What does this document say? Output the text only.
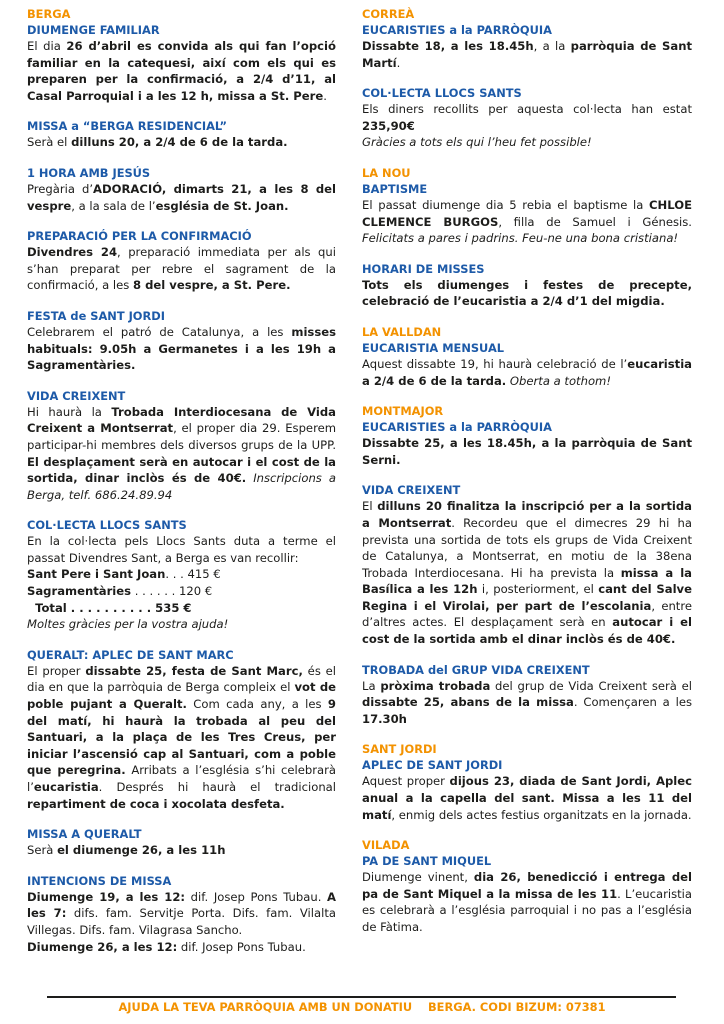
BERGA
DIUMENGE FAMILIAR

El dia 26 d’abril es convida als qui fan l’opció familiar en la catequesi, així com els qui es preparen per la confirmació, a 2/4 d’11, al Casal Parroquial i a les 12 h, missa a St. Pere.

MISSA a “BERGA RESIDENCIAL”

Serà el dilluns 20, a 2/4 de 6 de la tarda.

1 HORA AMB JESÚS

Pregària d’ADORACIÓ, dimarts 21, a les 8 del vespre, a la sala de l’església de St. Joan.

PREPARACIÓ PER LA CONFIRMACIÓ

Divendres 24, preparació immediata per als qui s’han preparat per rebre el sagrament de la confirmació, a les 8 del vespre, a St. Pere.

FESTA de SANT JORDI

Celebrarem el patró de Catalunya, a les misses habituals: 9.05h a Germanetes i a les 19h a Sagramentàries.

VIDA CREIXENT

Hi haurà la Trobada Interdiocesana de Vida Creixent a Montserrat, el proper dia 29. Esperem participar-hi membres dels diversos grups de la UPP. El desplaçament serà en autocar i el cost de la sortida, dinar inclòs és de 40€. Inscripcions a Berga, telf. 686.24.89.94

COL·LECTA LLOCS SANTS

En la col·lecta pels Llocs Sants duta a terme el passat Divendres Sant, a Berga es van recollir:

Sant Pere i Sant Joan. . . 415 €
Sagramentàries . . . . . . 120 €
Total . . . . . . . . . . 535 €

Moltes gràcies per la vostra ajuda!

QUERALT: APLEC DE SANT MARC

El proper dissabte 25, festa de Sant Marc, és el dia en que la parròquia de Berga compleix el vot de poble pujant a Queralt. Com cada any, a les 9 del matí, hi haurà la trobada al peu del Santuari, a la plaça de les Tres Creus, per iniciar l’ascensió cap al Santuari, com a poble que peregrina. Arribats a l’església s’hi celebrarà l’eucaristia. Després hi haurà el tradicional repartiment de coca i xocolata desfeta.

MISSA A QUERALT

Serà el diumenge 26, a les 11h

INTENCIONS DE MISSA

Diumenge 19, a les 12: dif. Josep Pons Tubau. A les 7: difs. fam. Servitje Porta. Difs. fam. Vilalta Villegas. Difs. fam. Vilagrasa Sancho.

Diumenge 26, a les 12: dif. Josep Pons Tubau.

CORREÀ
EUCARISTIES a la PARRÒQUIA

Dissabte 18, a les 18.45h, a la parròquia de Sant Martí.

COL·LECTA LLOCS SANTS

Els diners recollits per aquesta col·lecta han estat 235,90€

Gràcies a tots els qui l’heu fet possible!

LA NOU
BAPTISME

El passat diumenge dia 5 rebia el baptisme la CHLOE CLEMENCE BURGOS, filla de Samuel i Génesis. Felicitats a pares i padrins. Feu-ne una bona cristiana!

HORARI DE MISSES

Tots els diumenges i festes de precepte, celebració de l’eucaristia a 2/4 d’1 del migdia.

LA VALLDAN
EUCARISTIA MENSUAL

Aquest dissabte 19, hi haurà celebració de l’eucaristia a 2/4 de 6 de la tarda. Oberta a tothom!

MONTMAJOR
EUCARISTIES a la PARRÒQUIA

Dissabte 25, a les 18.45h, a la parròquia de Sant Serni.

VIDA CREIXENT

El dilluns 20 finalitza la inscripció per a la sortida a Montserrat. Recordeu que el dimecres 29 hi ha prevista una sortida de tots els grups de Vida Creixent de Catalunya, a Montserrat, en motiu de la 38ena Trobada Interdiocesana. Hi ha prevista la missa a la Basílica a les 12h i, posteriorment, el cant del Salve Regina i el Virolai, per part de l’escolania, entre d’altres actes. El desplaçament serà en autocar i el cost de la sortida amb el dinar inclòs és de 40€.

TROBADA del GRUP VIDA CREIXENT

La pròxima trobada del grup de Vida Creixent serà el dissabte 25, abans de la missa. Començaren a les 17.30h

SANT JORDI
APLEC DE SANT JORDI

Aquest proper dijous 23, diada de Sant Jordi, Aplec anual a la capella del sant. Missa a les 11 del matí, enmig dels actes festius organitzats en la jornada.

VILADA
PA DE SANT MIQUEL

Diumenge vinent, dia 26, benedicció i entrega del pa de Sant Miquel a la missa de les 11. L’eucaristia es celebrarà a l’església parroquial i no pas a l’església de Fàtima.

AJUDA LA TEVA PARRÒQUIA AMB UN DONATIU    BERGA. CODI BIZUM: 07381
